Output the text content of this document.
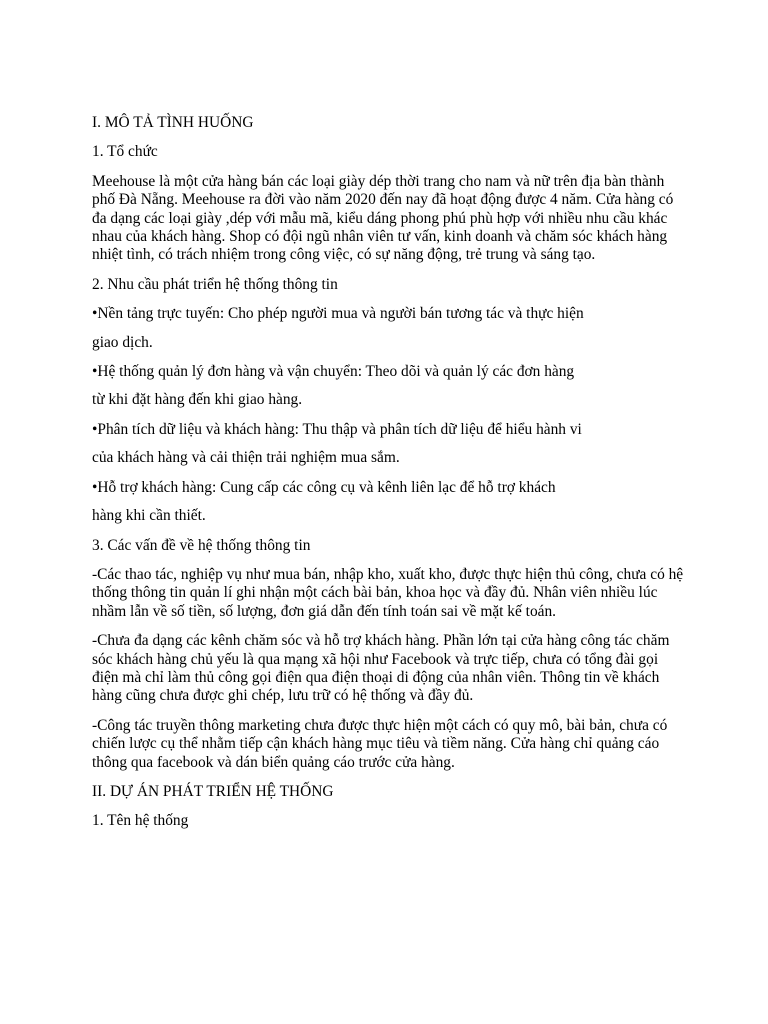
I. MÔ TẢ TÌNH HUỐNG

1. Tổ chức

Meehouse là một cửa hàng bán các loại giày dép thời trang cho nam và nữ trên địa bàn thành phố Đà Nẵng. Meehouse ra đời vào năm 2020 đến nay đã hoạt động được 4 năm. Cửa hàng có đa dạng các loại giày ,dép với mẫu mã, kiểu dáng phong phú phù hợp với nhiều nhu cầu khác nhau của khách hàng. Shop có đội ngũ nhân viên tư vấn, kinh doanh và chăm sóc khách hàng nhiệt tình, có trách nhiệm trong công việc, có sự năng động, trẻ trung và sáng tạo.

2. Nhu cầu phát triển hệ thống thông tin

•Nền tảng trực tuyến: Cho phép người mua và người bán tương tác và thực hiện
giao dịch.
•Hệ thống quản lý đơn hàng và vận chuyển: Theo dõi và quản lý các đơn hàng
từ khi đặt hàng đến khi giao hàng.
•Phân tích dữ liệu và khách hàng: Thu thập và phân tích dữ liệu để hiểu hành vi
của khách hàng và cải thiện trải nghiệm mua sắm.
•Hỗ trợ khách hàng: Cung cấp các công cụ và kênh liên lạc để hỗ trợ khách
hàng khi cần thiết.

3. Các vấn đề về hệ thống thông tin

-Các thao tác, nghiệp vụ như mua bán, nhập kho, xuất kho, được thực hiện thủ công, chưa có hệ thống thông tin quản lí ghi nhận một cách bài bản, khoa học và đầy đủ. Nhân viên nhiều lúc nhầm lẫn về số tiền, số lượng, đơn giá dẫn đến tính toán sai về mặt kế toán.

-Chưa đa dạng các kênh chăm sóc và hỗ trợ khách hàng. Phần lớn tại cửa hàng công tác chăm sóc khách hàng chủ yếu là qua mạng xã hội như Facebook và trực tiếp, chưa có tổng đài gọi điện mà chỉ làm thủ công gọi điện qua điện thoại di động của nhân viên. Thông tin về khách hàng cũng chưa được ghi chép, lưu trữ có hệ thống và đầy đủ.

-Công tác truyền thông marketing chưa được thực hiện một cách có quy mô, bài bản, chưa có chiến lược cụ thể nhằm tiếp cận khách hàng mục tiêu và tiềm năng. Cửa hàng chỉ quảng cáo thông qua facebook và dán biển quảng cáo trước cửa hàng.

II. DỰ ÁN PHÁT TRIỂN HỆ THỐNG

1. Tên hệ thống
